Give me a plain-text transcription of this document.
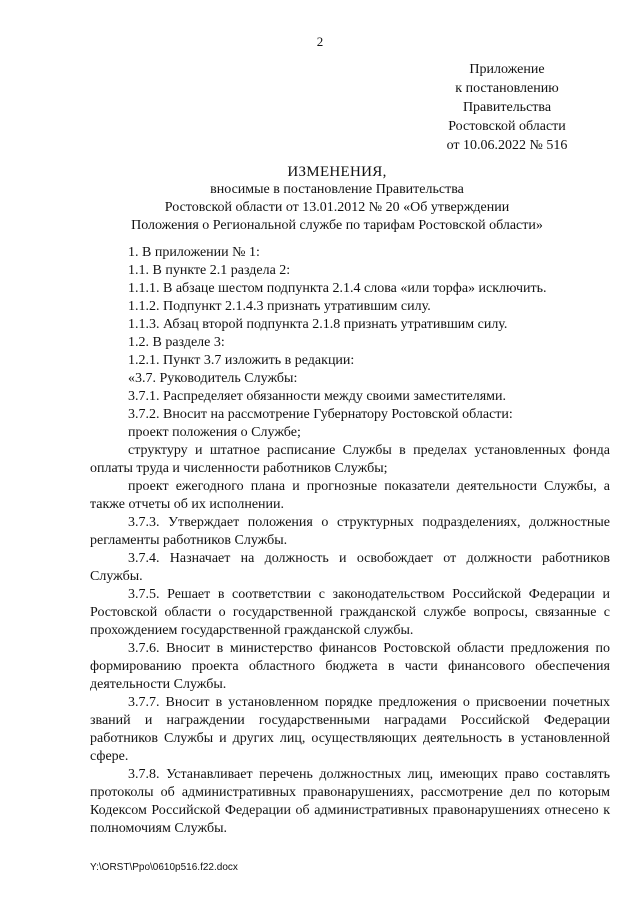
2
Приложение
к постановлению
Правительства
Ростовской области
от 10.06.2022 № 516
ИЗМЕНЕНИЯ,
вносимые в постановление Правительства
Ростовской области от 13.01.2012 № 20 «Об утверждении
Положения о Региональной службе по тарифам Ростовской области»

1. В приложении № 1:

1.1. В пункте 2.1 раздела 2:

1.1.1. В абзаце шестом подпункта 2.1.4 слова «или торфа» исключить.

1.1.2. Подпункт 2.1.4.3 признать утратившим силу.

1.1.3. Абзац второй подпункта 2.1.8 признать утратившим силу.

1.2. В разделе 3:

1.2.1. Пункт 3.7 изложить в редакции:

«3.7. Руководитель Службы:

3.7.1. Распределяет обязанности между своими заместителями.

3.7.2. Вносит на рассмотрение Губернатору Ростовской области:

проект положения о Службе;

структуру и штатное расписание Службы в пределах установленных фонда оплаты труда и численности работников Службы;

проект ежегодного плана и прогнозные показатели деятельности Службы, а также отчеты об их исполнении.

3.7.3. Утверждает положения о структурных подразделениях, должностные регламенты работников Службы.

3.7.4. Назначает на должность и освобождает от должности работников Службы.

3.7.5. Решает в соответствии с законодательством Российской Федерации и Ростовской области о государственной гражданской службе вопросы, связанные с прохождением государственной гражданской службы.

3.7.6. Вносит в министерство финансов Ростовской области предложения по формированию проекта областного бюджета в части финансового обеспечения деятельности Службы.

3.7.7. Вносит в установленном порядке предложения о присвоении почетных званий и награждении государственными наградами Российской Федерации работников Службы и других лиц, осуществляющих деятельность в установленной сфере.

3.7.8. Устанавливает перечень должностных лиц, имеющих право составлять протоколы об административных правонарушениях, рассмотрение дел по которым Кодексом Российской Федерации об административных правонарушениях отнесено к полномочиям Службы.

Y:\ORST\Ppo\0610p516.f22.docx
